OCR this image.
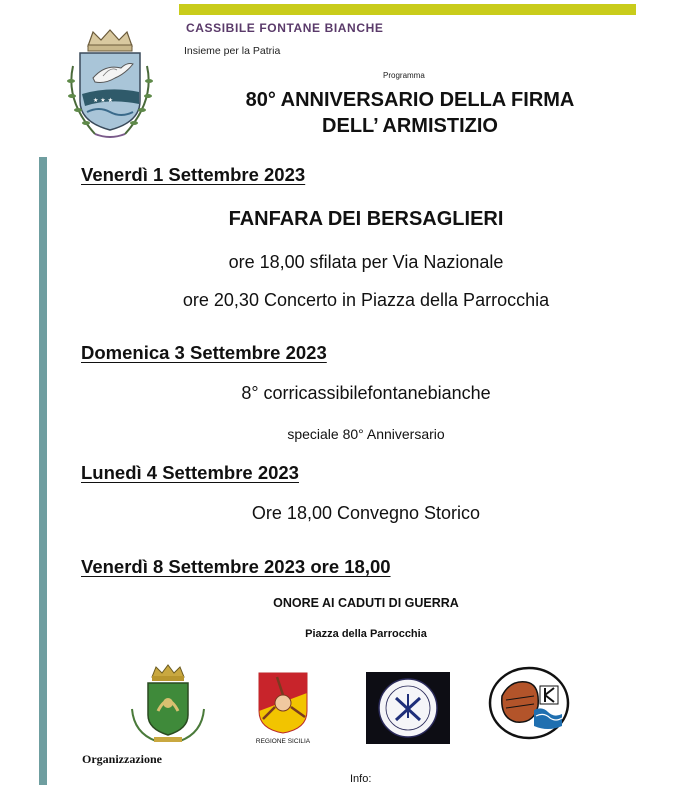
★ ★ ★
CASSIBILE FONTANE BIANCHE
Insieme per la Patria
Programma
80° ANNIVERSARIO DELLA FIRMA
DELL’ ARMISTIZIO
Venerdì 1 Settembre 2023
FANFARA DEI BERSAGLIERI
ore 18,00 sfilata per Via Nazionale
ore 20,30 Concerto in Piazza della Parrocchia
Domenica 3 Settembre 2023
8° corricassibilefontanebianche
speciale 80° Anniversario
Lunedì 4 Settembre 2023
Ore 18,00 Convegno Storico
Venerdì 8 Settembre 2023 ore 18,00
ONORE AI CADUTI DI GUERRA
Piazza della Parrocchia
REGIONE SICILIA
Organizzazione
Info:
